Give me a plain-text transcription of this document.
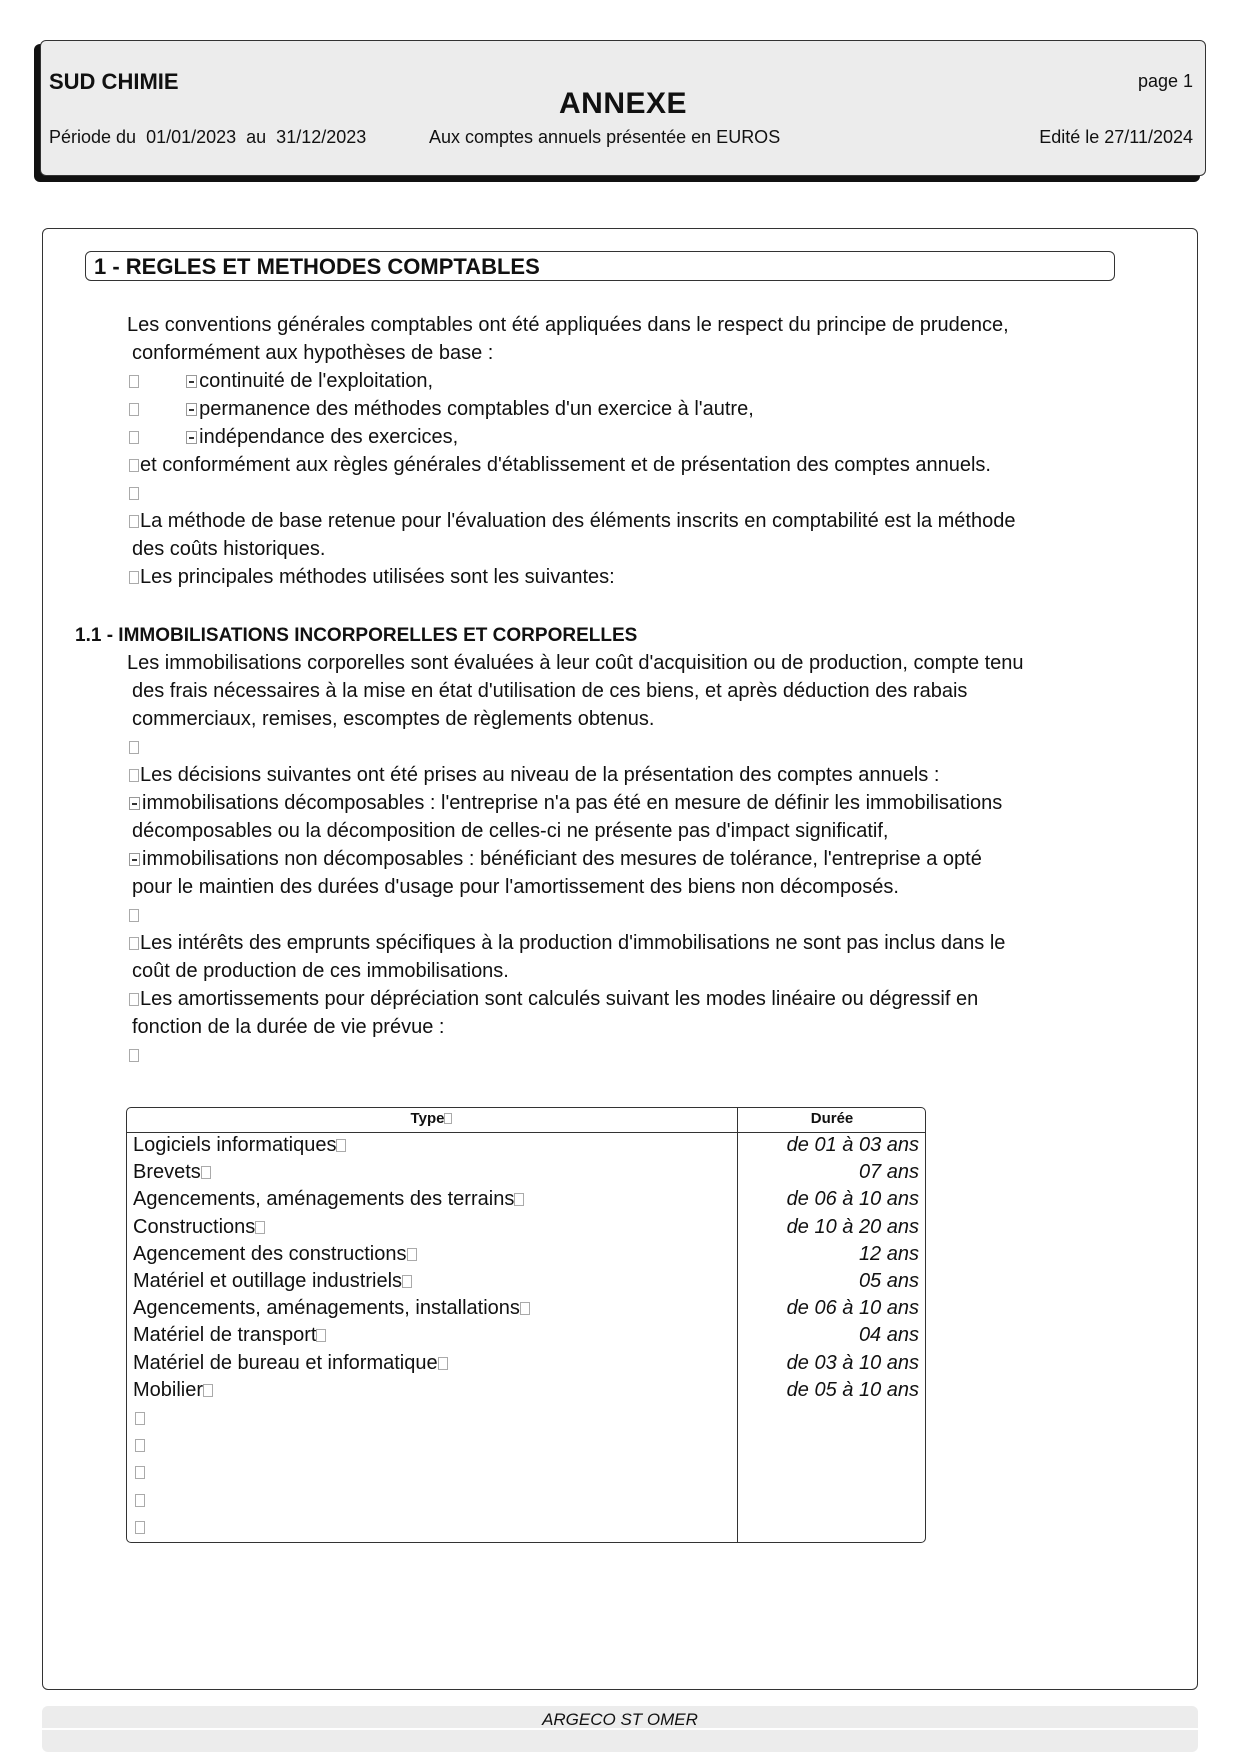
SUD CHIMIE
ANNEXE
page 1
Période du  01/01/2023  au  31/12/2023	Aux comptes annuels présentée en EUROS	Edité le 27/11/2024
1 - REGLES ET METHODES COMPTABLES
Les conventions générales comptables ont été appliquées dans le respect du principe de prudence,
conformément aux hypothèses de base :
continuité de l'exploitation,
permanence des méthodes comptables d'un exercice à l'autre,
indépendance des exercices,
et conformément aux règles générales d'établissement et de présentation des comptes annuels.
La méthode de base retenue pour l'évaluation des éléments inscrits en comptabilité est la méthode
des coûts historiques.
Les principales méthodes utilisées sont les suivantes:
1.1 - IMMOBILISATIONS INCORPORELLES ET CORPORELLES
Les immobilisations corporelles sont évaluées à leur coût d'acquisition ou de production, compte tenu
des frais nécessaires à la mise en état d'utilisation de ces biens, et après déduction des rabais
commerciaux, remises, escomptes de règlements obtenus.
Les décisions suivantes ont été prises au niveau de la présentation des comptes annuels :
immobilisations décomposables : l'entreprise n'a pas été en mesure de définir les immobilisations
décomposables ou la décomposition de celles-ci ne présente pas d'impact significatif,
immobilisations non décomposables : bénéficiant des mesures de tolérance, l'entreprise a opté
pour le maintien des durées d'usage pour l'amortissement des biens non décomposés.
Les intérêts des emprunts spécifiques à la production d'immobilisations ne sont pas inclus dans le
coût de production de ces immobilisations.
Les amortissements pour dépréciation sont calculés suivant les modes linéaire ou dégressif en
fonction de la durée de vie prévue :
Type	Durée
Logiciels informatiques	de 01 à 03 ans
Brevets	07 ans
Agencements, aménagements des terrains	de 06 à 10 ans
Constructions	de 10 à 20 ans
Agencement des constructions	12 ans
Matériel et outillage industriels	05 ans
Agencements, aménagements, installations	de 06 à 10 ans
Matériel de transport	04 ans
Matériel de bureau et informatique	de 03 à 10 ans
Mobilier	de 05 à 10 ans
ARGECO ST OMER
